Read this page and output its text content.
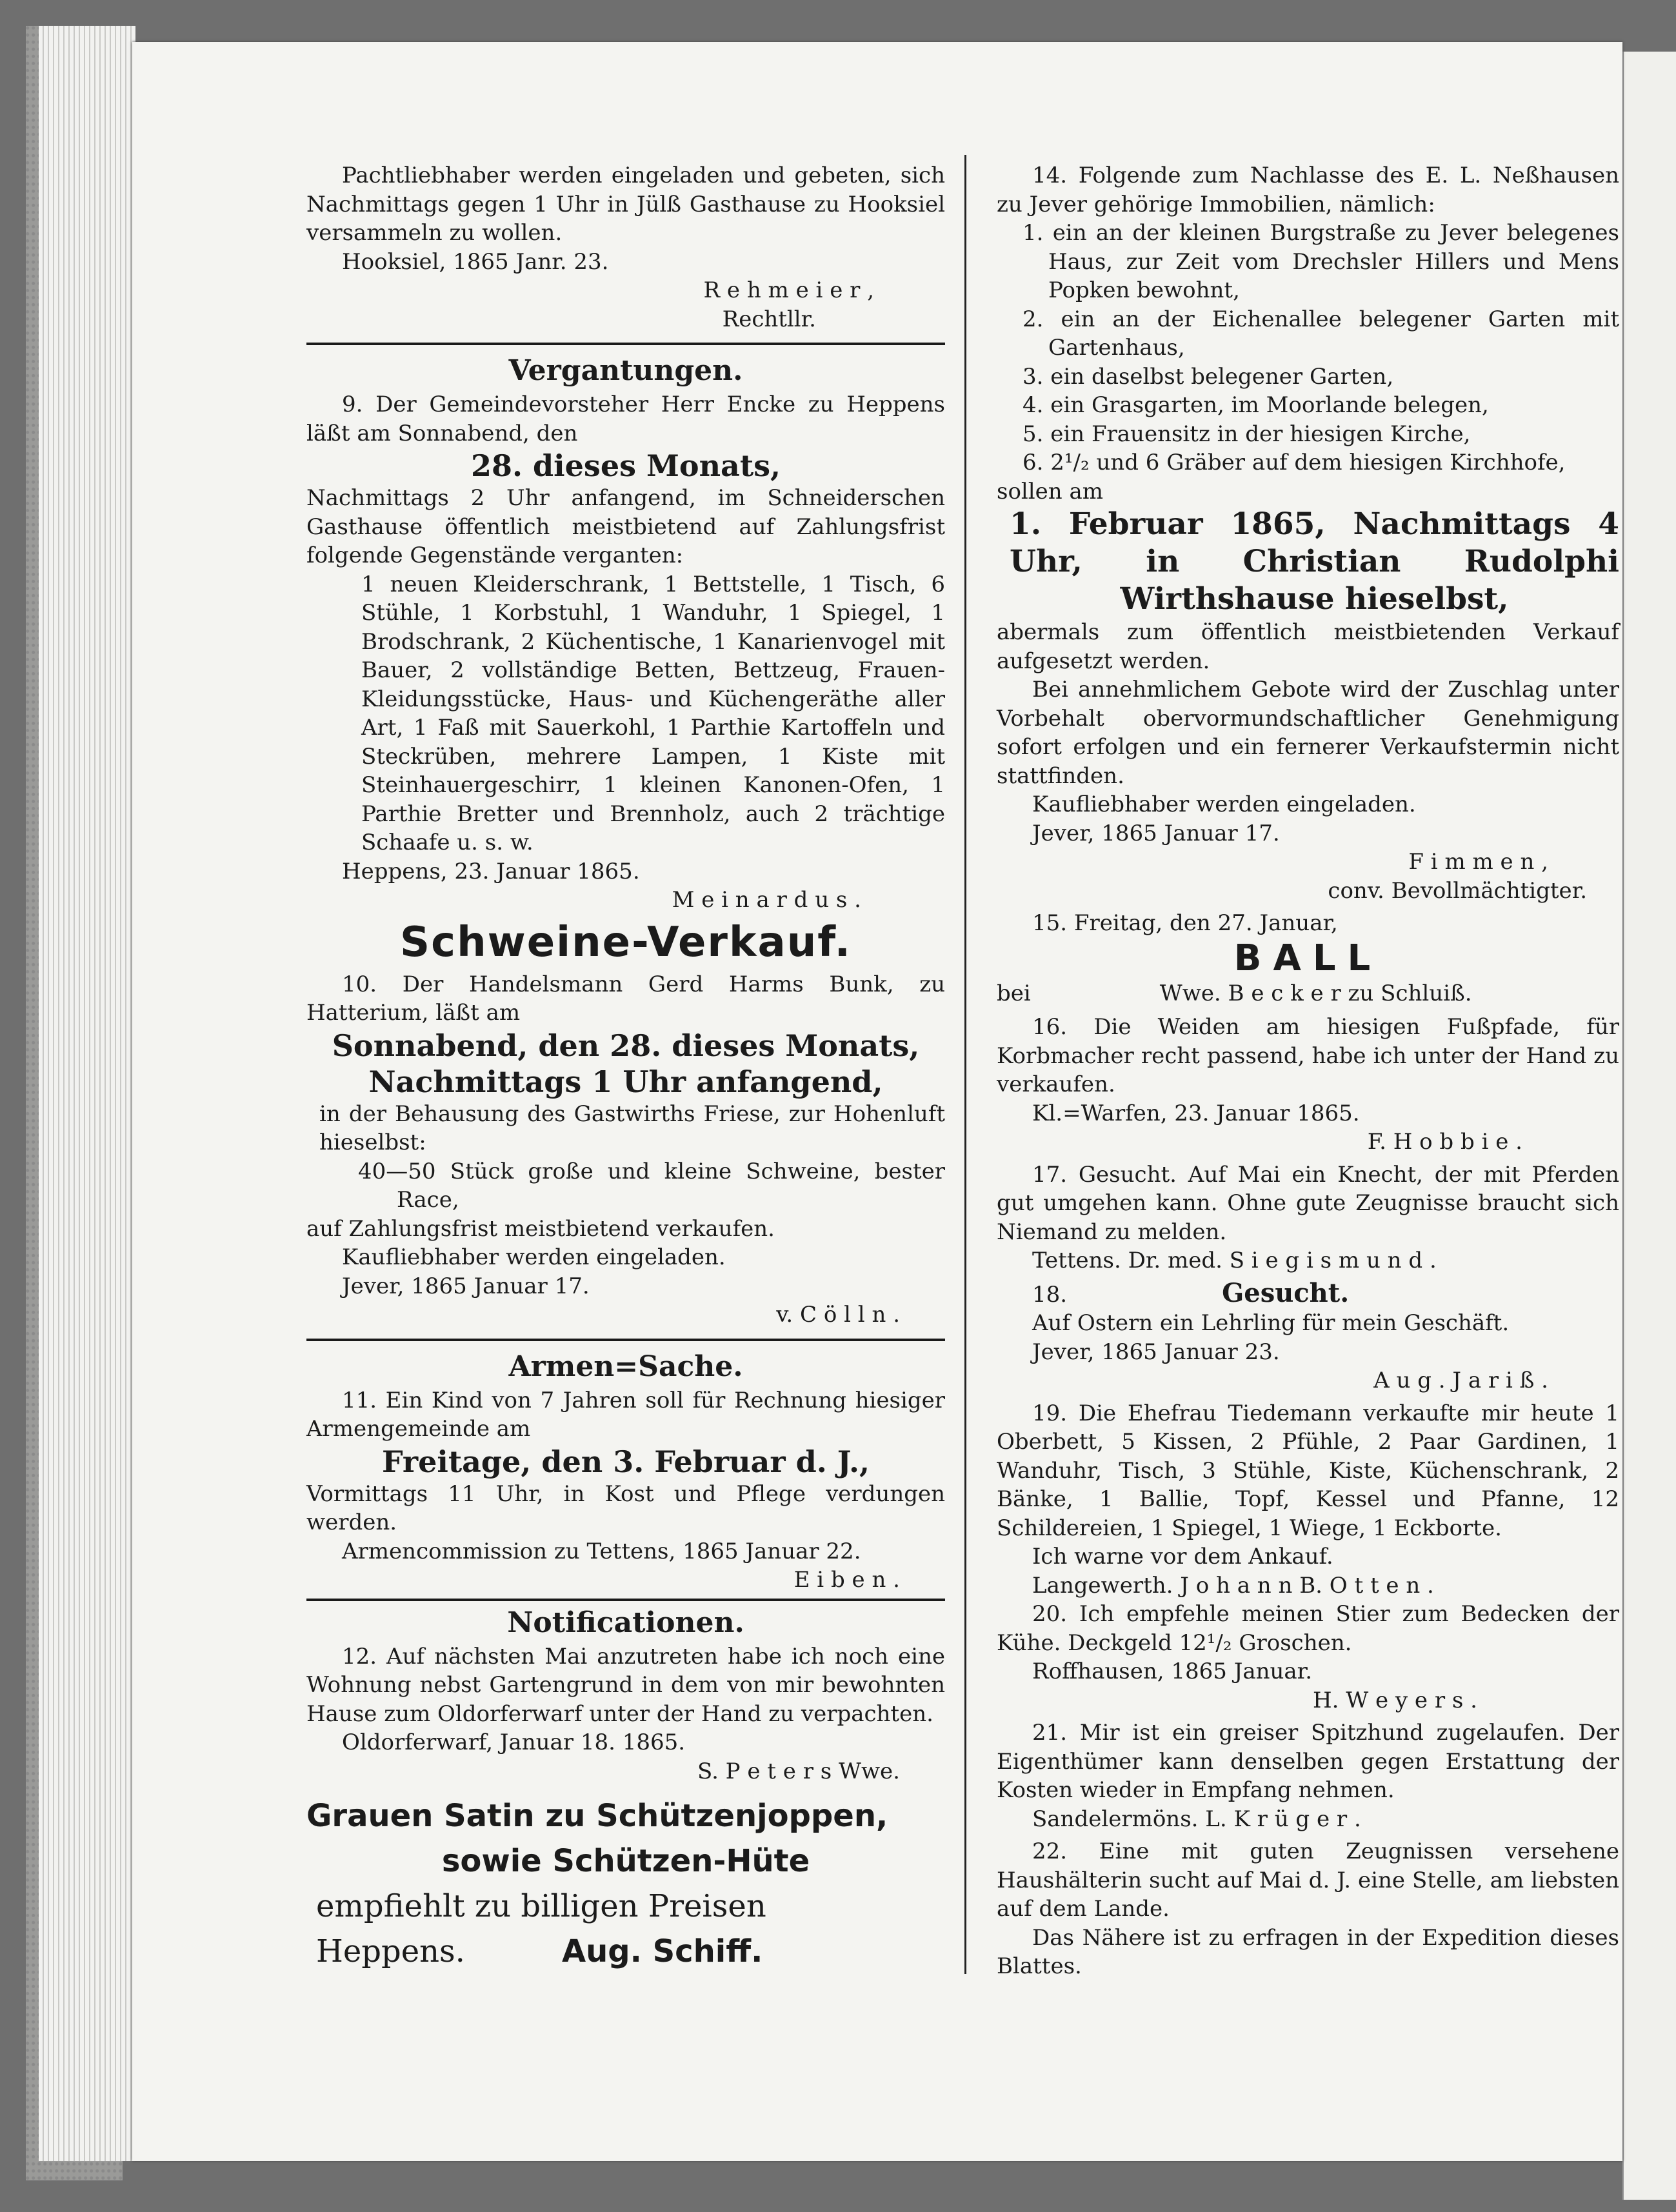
Pachtliebhaber werden eingeladen und gebeten, sich Nachmittags gegen 1 Uhr in Jülß Gasthause zu Hooksiel versammeln zu wollen.

Hooksiel, 1865 Janr. 23.

R e h m e i e r ,

Rechtllr.

Vergantungen.

9. Der Gemeindevorsteher Herr Encke zu Heppens läßt am Sonnabend, den

28. dieses Monats,

Nachmittags 2 Uhr anfangend, im Schneiderschen Gasthause öffentlich meistbietend auf Zahlungsfrist folgende Gegenstände verganten:

1 neuen Kleiderschrank, 1 Bettstelle, 1 Tisch, 6 Stühle, 1 Korbstuhl, 1 Wanduhr, 1 Spiegel, 1 Brodschrank, 2 Küchentische, 1 Kanarienvogel mit Bauer, 2 vollständige Betten, Bettzeug, Frauen-Kleidungsstücke, Haus- und Küchengeräthe aller Art, 1 Faß mit Sauerkohl, 1 Parthie Kartoffeln und Steckrüben, mehrere Lampen, 1 Kiste mit Steinhauergeschirr, 1 kleinen Kanonen-Ofen, 1 Parthie Bretter und Brennholz, auch 2 trächtige Schaafe u. s. w.

Heppens, 23. Januar 1865.

M e i n a r d u s .

Schweine-Verkauf.

10. Der Handelsmann Gerd Harms Bunk, zu Hatterium, läßt am

Sonnabend, den 28. dieses Monats,

Nachmittags 1 Uhr anfangend,

in der Behausung des Gastwirths Friese, zur Hohenluft hieselbst:

40—50 Stück große und kleine Schweine, bester Race,

auf Zahlungsfrist meistbietend verkaufen.

Kaufliebhaber werden eingeladen.

Jever, 1865 Januar 17.

v. C ö l l n .

Armen=Sache.

11. Ein Kind von 7 Jahren soll für Rechnung hiesiger Armengemeinde am

Freitage, den 3. Februar d. J.,

Vormittags 11 Uhr, in Kost und Pflege verdungen werden.

Armencommission zu Tettens, 1865 Januar 22.

E i b e n .

Notificationen.

12. Auf nächsten Mai anzutreten habe ich noch eine Wohnung nebst Gartengrund in dem von mir bewohnten Hause zum Oldorferwarf unter der Hand zu verpachten.

Oldorferwarf, Januar 18. 1865.

S. P e t e r s Wwe.

Grauen Satin zu Schützenjoppen,

sowie Schützen-Hüte

empfiehlt zu billigen Preisen

Heppens.	Aug. Schiff.

14. Folgende zum Nachlasse des E. L. Neßhausen zu Jever gehörige Immobilien, nämlich:

1. ein an der kleinen Burgstraße zu Jever belegenes Haus, zur Zeit vom Drechsler Hillers und Mens Popken bewohnt,

2. ein an der Eichenallee belegener Garten mit Gartenhaus,

3. ein daselbst belegener Garten,

4. ein Grasgarten, im Moorlande belegen,

5. ein Frauensitz in der hiesigen Kirche,

6. 2¹/₂ und 6 Gräber auf dem hiesigen Kirchhofe,

sollen am

1. Februar 1865, Nachmittags 4 Uhr, in Christian Rudolphi Wirthshause hieselbst,

abermals zum öffentlich meistbietenden Verkauf aufgesetzt werden.

Bei annehmlichem Gebote wird der Zuschlag unter Vorbehalt obervormundschaftlicher Genehmigung sofort erfolgen und ein fernerer Verkaufstermin nicht stattfinden.

Kaufliebhaber werden eingeladen.

Jever, 1865 Januar 17.

F i m m e n ,

conv. Bevollmächtigter.

15. Freitag, den 27. Januar,

BALL

bei	Wwe. B e c k e r zu Schluiß.

16. Die Weiden am hiesigen Fußpfade, für Korbmacher recht passend, habe ich unter der Hand zu verkaufen.

Kl.=Warfen, 23. Januar 1865.

F. H o b b i e .

17. Gesucht. Auf Mai ein Knecht, der mit Pferden gut umgehen kann. Ohne gute Zeugnisse braucht sich Niemand zu melden.

Tettens. Dr. med. S i e g i s m u n d .

18.	Gesucht.

Auf Ostern ein Lehrling für mein Geschäft.

Jever, 1865 Januar 23.

A u g . J a r i ß .

19. Die Ehefrau Tiedemann verkaufte mir heute 1 Oberbett, 5 Kissen, 2 Pfühle, 2 Paar Gardinen, 1 Wanduhr, Tisch, 3 Stühle, Kiste, Küchenschrank, 2 Bänke, 1 Ballie, Topf, Kessel und Pfanne, 12 Schildereien, 1 Spiegel, 1 Wiege, 1 Eckborte.

Ich warne vor dem Ankauf.

Langewerth. J o h a n n B. O t t e n .

20. Ich empfehle meinen Stier zum Bedecken der Kühe. Deckgeld 12¹/₂ Groschen.

Roffhausen, 1865 Januar.

H. W e y e r s .

21. Mir ist ein greiser Spitzhund zugelaufen. Der Eigenthümer kann denselben gegen Erstattung der Kosten wieder in Empfang nehmen.

Sandelermöns. L. K r ü g e r .

22. Eine mit guten Zeugnissen versehene Haushälterin sucht auf Mai d. J. eine Stelle, am liebsten auf dem Lande.

Das Nähere ist zu erfragen in der Expedition dieses Blattes.
